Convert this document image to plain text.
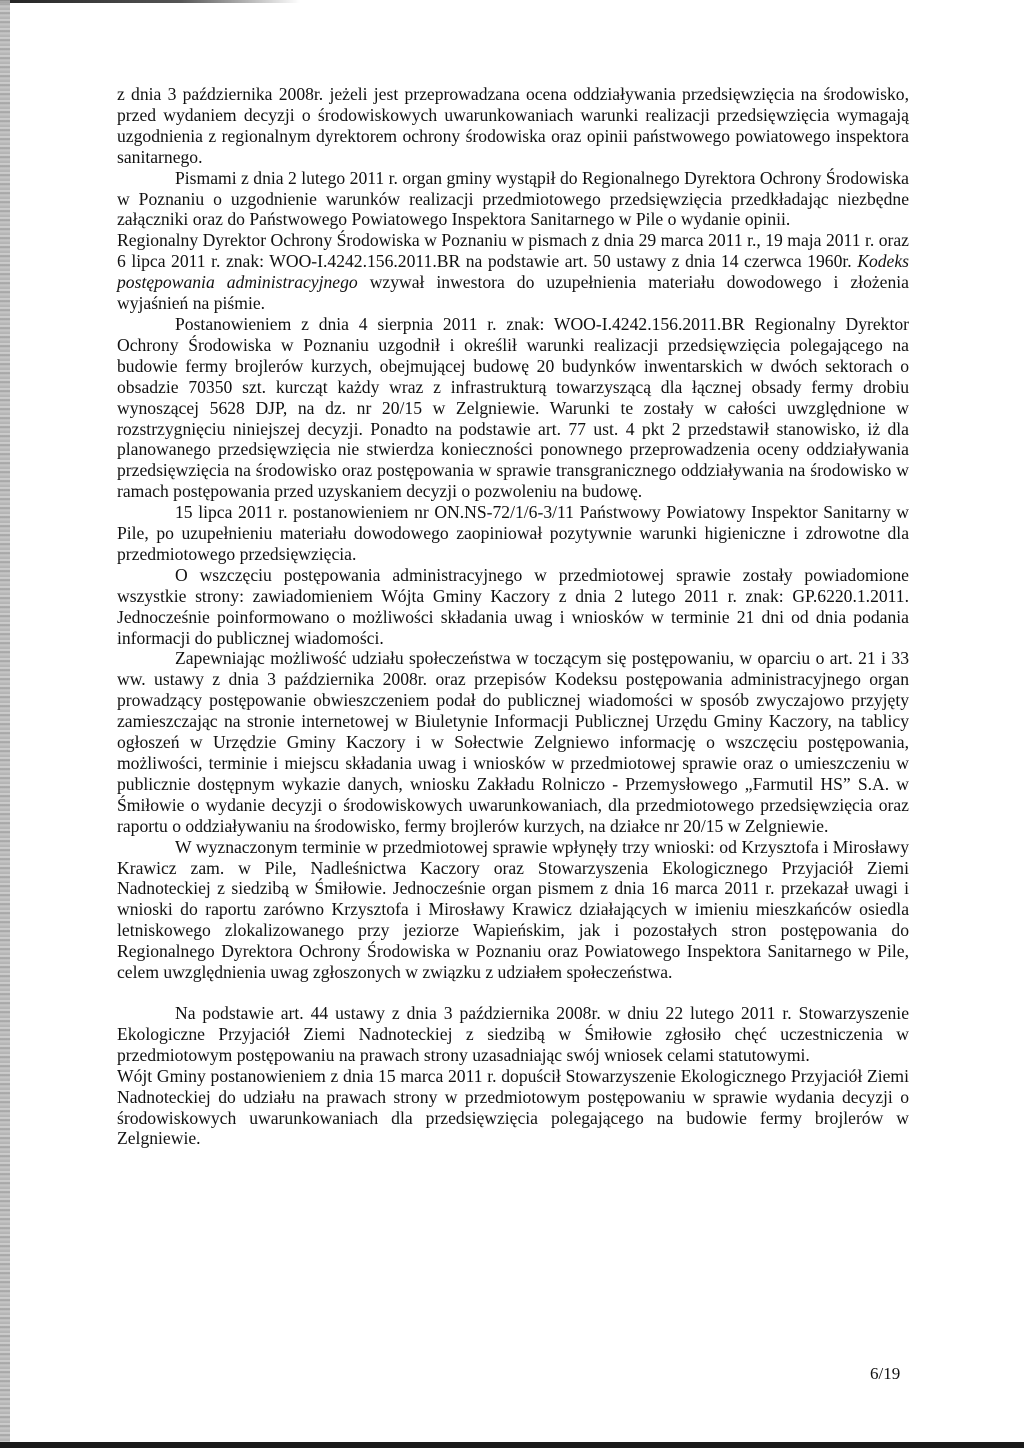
z dnia 3 października 2008r. jeżeli jest przeprowadzana ocena oddziaływania przedsięwzięcia na środowisko, przed wydaniem decyzji o środowiskowych uwarunkowaniach warunki realizacji przedsięwzięcia wymagają uzgodnienia z regionalnym dyrektorem ochrony środowiska oraz opinii państwowego powiatowego inspektora sanitarnego.

Pismami z dnia 2 lutego 2011 r. organ gminy wystąpił do Regionalnego Dyrektora Ochrony Środowiska w Poznaniu o uzgodnienie warunków realizacji przedmiotowego przedsięwzięcia przedkładając niezbędne załączniki oraz do Państwowego Powiatowego Inspektora Sanitarnego w Pile o wydanie opinii.

Regionalny Dyrektor Ochrony Środowiska w Poznaniu w pismach z dnia 29 marca 2011 r., 19 maja 2011 r. oraz 6 lipca 2011 r. znak: WOO-I.4242.156.2011.BR na podstawie art. 50 ustawy z dnia 14 czerwca 1960r. Kodeks postępowania administracyjnego wzywał inwestora do uzupełnienia materiału dowodowego i złożenia wyjaśnień na piśmie.

Postanowieniem z dnia 4 sierpnia 2011 r. znak: WOO-I.4242.156.2011.BR Regionalny Dyrektor Ochrony Środowiska w Poznaniu uzgodnił i określił warunki realizacji przedsięwzięcia polegającego na budowie fermy brojlerów kurzych, obejmującej budowę 20 budynków inwentarskich w dwóch sektorach o obsadzie 70350 szt. kurcząt każdy wraz z infrastrukturą towarzyszącą dla łącznej obsady fermy drobiu wynoszącej 5628 DJP, na dz. nr 20/15 w Zelgniewie. Warunki te zostały w całości uwzględnione w rozstrzygnięciu niniejszej decyzji. Ponadto na podstawie art. 77 ust. 4 pkt 2 przedstawił stanowisko, iż dla planowanego przedsięwzięcia nie stwierdza konieczności ponownego przeprowadzenia oceny oddziaływania przedsięwzięcia na środowisko oraz postępowania w sprawie transgranicznego oddziaływania na środowisko w ramach postępowania przed uzyskaniem decyzji o pozwoleniu na budowę.

15 lipca 2011 r. postanowieniem nr ON.NS-72/1/6-3/11 Państwowy Powiatowy Inspektor Sanitarny w Pile, po uzupełnieniu materiału dowodowego zaopiniował pozytywnie warunki higieniczne i zdrowotne dla przedmiotowego przedsięwzięcia.

O wszczęciu postępowania administracyjnego w przedmiotowej sprawie zostały powiadomione wszystkie strony: zawiadomieniem Wójta Gminy Kaczory z dnia 2 lutego 2011 r. znak: GP.6220.1.2011. Jednocześnie poinformowano o możliwości składania uwag i wniosków w terminie 21 dni od dnia podania informacji do publicznej wiadomości.

Zapewniając możliwość udziału społeczeństwa w toczącym się postępowaniu, w oparciu o art. 21 i 33 ww. ustawy z dnia 3 października 2008r. oraz przepisów Kodeksu postępowania administracyjnego organ prowadzący postępowanie obwieszczeniem podał do publicznej wiadomości w sposób zwyczajowo przyjęty zamieszczając na stronie internetowej w Biuletynie Informacji Publicznej Urzędu Gminy Kaczory, na tablicy ogłoszeń w Urzędzie Gminy Kaczory i w Sołectwie Zelgniewo informację o wszczęciu postępowania, możliwości, terminie i miejscu składania uwag i wniosków w przedmiotowej sprawie oraz o umieszczeniu w publicznie dostępnym wykazie danych, wniosku Zakładu Rolniczo - Przemysłowego „Farmutil HS” S.A. w Śmiłowie o wydanie decyzji o środowiskowych uwarunkowaniach, dla przedmiotowego przedsięwzięcia oraz raportu o oddziaływaniu na środowisko, fermy brojlerów kurzych, na działce nr 20/15 w Zelgniewie.

W wyznaczonym terminie w przedmiotowej sprawie wpłynęły trzy wnioski: od Krzysztofa i Mirosławy Krawicz zam. w Pile, Nadleśnictwa Kaczory oraz Stowarzyszenia Ekologicznego Przyjaciół Ziemi Nadnoteckiej z siedzibą w Śmiłowie. Jednocześnie organ pismem z dnia 16 marca 2011 r. przekazał uwagi i wnioski do raportu zarówno Krzysztofa i Mirosławy Krawicz działających w imieniu mieszkańców osiedla letniskowego zlokalizowanego przy jeziorze Wapieńskim, jak i pozostałych stron postępowania do Regionalnego Dyrektora Ochrony Środowiska w Poznaniu oraz Powiatowego Inspektora Sanitarnego w Pile, celem uwzględnienia uwag zgłoszonych w związku z udziałem społeczeństwa.

Na podstawie art. 44 ustawy z dnia 3 października 2008r. w dniu 22 lutego 2011 r. Stowarzyszenie Ekologiczne Przyjaciół Ziemi Nadnoteckiej z siedzibą w Śmiłowie zgłosiło chęć uczestniczenia w przedmiotowym postępowaniu na prawach strony uzasadniając swój wniosek celami statutowymi.

Wójt Gminy postanowieniem z dnia 15 marca 2011 r. dopuścił Stowarzyszenie Ekologicznego Przyjaciół Ziemi Nadnoteckiej do udziału na prawach strony w przedmiotowym postępowaniu w sprawie wydania decyzji o środowiskowych uwarunkowaniach dla przedsięwzięcia polegającego na budowie fermy brojlerów w Zelgniewie.

6/19
